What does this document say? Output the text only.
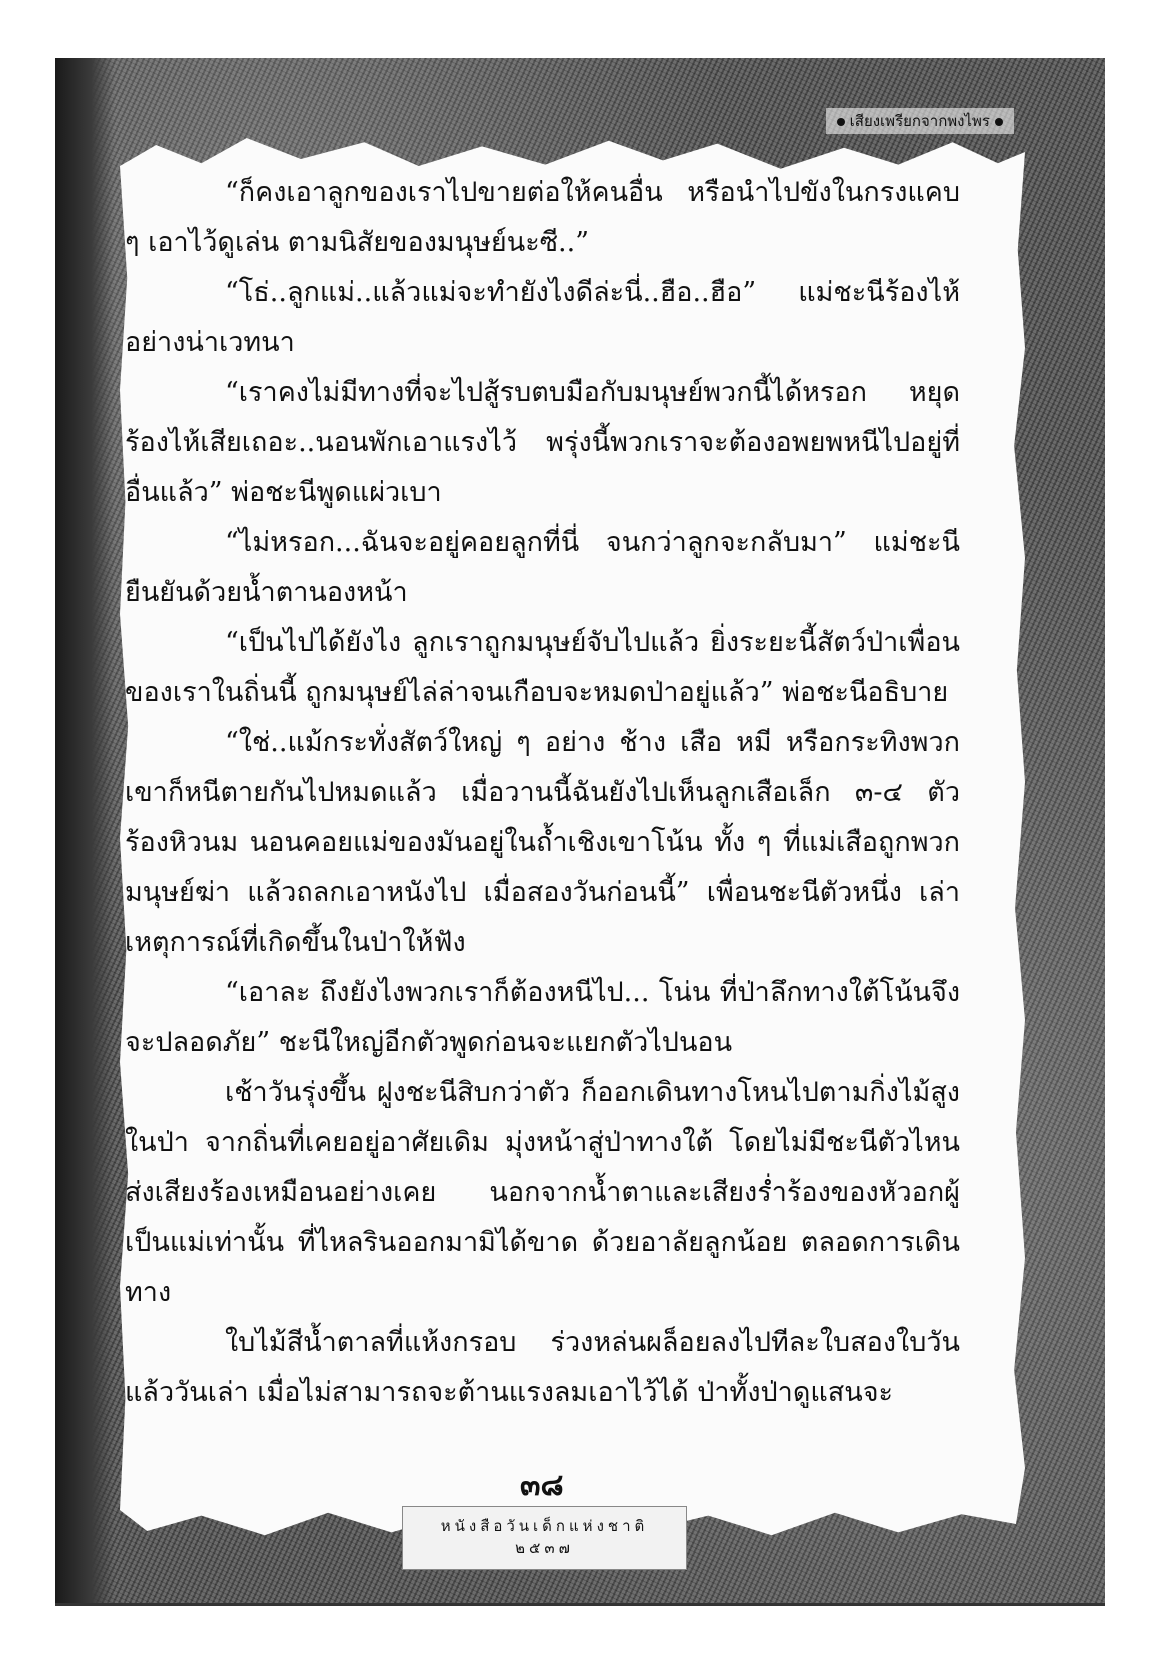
เสียงเพรียกจากพงไพร

“ก็คงเอาลูกของเราไปขายต่อให้คนอื่น หรือนำไปขังในกรงแคบ ๆ เอาไว้ดูเล่น ตามนิสัยของมนุษย์นะซี..”

“โธ่..ลูกแม่..แล้วแม่จะทำยังไงดีล่ะนี่..ฮือ..ฮือ” แม่ชะนีร้องไห้อย่างน่าเวทนา

“เราคงไม่มีทางที่จะไปสู้รบตบมือกับมนุษย์พวกนี้ได้หรอก หยุดร้องไห้เสียเถอะ..นอนพักเอาแรงไว้ พรุ่งนี้พวกเราจะต้องอพยพหนีไปอยู่ที่อื่นแล้ว” พ่อชะนีพูดแผ่วเบา

“ไม่หรอก...ฉันจะอยู่คอยลูกที่นี่ จนกว่าลูกจะกลับมา” แม่ชะนียืนยันด้วยน้ำตานองหน้า

“เป็นไปได้ยังไง ลูกเราถูกมนุษย์จับไปแล้ว ยิ่งระยะนี้สัตว์ป่าเพื่อนของเราในถิ่นนี้ ถูกมนุษย์ไล่ล่าจนเกือบจะหมดป่าอยู่แล้ว” พ่อชะนีอธิบาย

“ใช่..แม้กระทั่งสัตว์ใหญ่ ๆ อย่าง ช้าง เสือ หมี หรือกระทิงพวกเขาก็หนีตายกันไปหมดแล้ว เมื่อวานนี้ฉันยังไปเห็นลูกเสือเล็ก ๓-๔ ตัว ร้องหิวนม นอนคอยแม่ของมันอยู่ในถ้ำเชิงเขาโน้น ทั้ง ๆ ที่แม่เสือถูกพวกมนุษย์ฆ่า แล้วถลกเอาหนังไป เมื่อสองวันก่อนนี้” เพื่อนชะนีตัวหนึ่ง เล่าเหตุการณ์ที่เกิดขึ้นในป่าให้ฟัง

“เอาละ ถึงยังไงพวกเราก็ต้องหนีไป... โน่น ที่ป่าลึกทางใต้โน้นจึงจะปลอดภัย” ชะนีใหญ่อีกตัวพูดก่อนจะแยกตัวไปนอน

เช้าวันรุ่งขึ้น ฝูงชะนีสิบกว่าตัว ก็ออกเดินทางโหนไปตามกิ่งไม้สูงในป่า จากถิ่นที่เคยอยู่อาศัยเดิม มุ่งหน้าสู่ป่าทางใต้ โดยไม่มีชะนีตัวไหนส่งเสียงร้องเหมือนอย่างเคย นอกจากน้ำตาและเสียงร่ำร้องของหัวอกผู้เป็นแม่เท่านั้น ที่ไหลรินออกมามิได้ขาด ด้วยอาลัยลูกน้อย ตลอดการเดินทาง

ใบไม้สีน้ำตาลที่แห้งกรอบ ร่วงหล่นผล็อยลงไปทีละใบสองใบวันแล้ววันเล่า เมื่อไม่สามารถจะต้านแรงลมเอาไว้ได้ ป่าทั้งป่าดูแสนจะ

๓๘
หนังสือวันเด็กแห่งชาติ
๒๕๓๗
